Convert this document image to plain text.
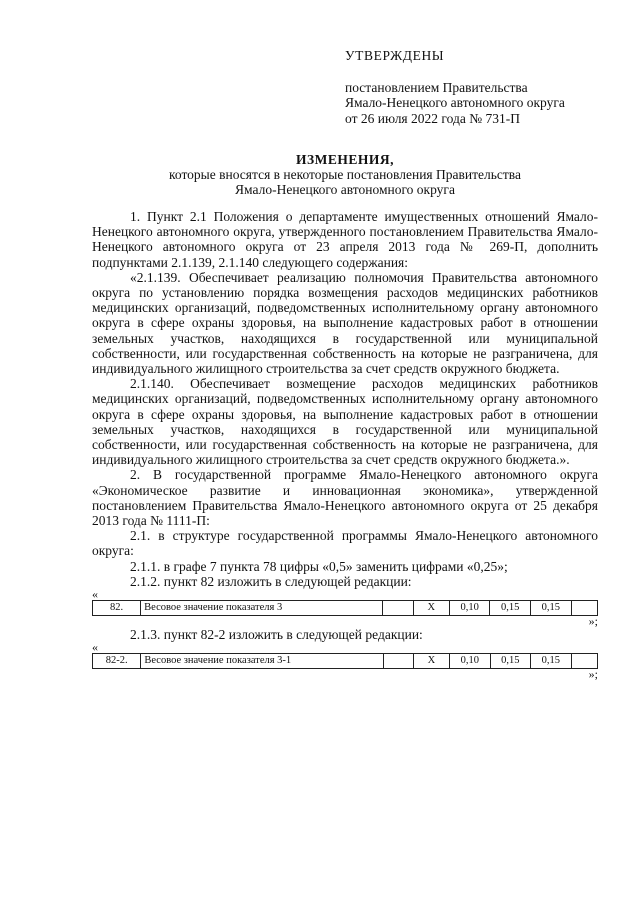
УТВЕРЖДЕНЫ
постановлением Правительства
Ямало-Ненецкого автономного округа
от 26 июля 2022 года № 731-П
ИЗМЕНЕНИЯ,
которые вносятся в некоторые постановления Правительства
Ямало-Ненецкого автономного округа

1. Пункт 2.1 Положения о департаменте имущественных отношений Ямало-Ненецкого автономного округа, утвержденного постановлением Правительства Ямало-Ненецкого автономного округа от 23 апреля 2013 года № 269-П, дополнить подпунктами 2.1.139, 2.1.140 следующего содержания:

«2.1.139. Обеспечивает реализацию полномочия Правительства автономного округа по установлению порядка возмещения расходов медицинских работников медицинских организаций, подведомственных исполнительному органу автономного округа в сфере охраны здоровья, на выполнение кадастровых работ в отношении земельных участков, находящихся в государственной или муниципальной собственности, или государственная собственность на которые не разграничена, для индивидуального жилищного строительства за счет средств окружного бюджета.

2.1.140. Обеспечивает возмещение расходов медицинских работников медицинских организаций, подведомственных исполнительному органу автономного округа в сфере охраны здоровья, на выполнение кадастровых работ в отношении земельных участков, находящихся в государственной или муниципальной собственности, или государственная собственность на которые не разграничена, для индивидуального жилищного строительства за счет средств окружного бюджета.».

2. В государственной программе Ямало-Ненецкого автономного округа «Экономическое развитие и инновационная экономика», утвержденной постановлением Правительства Ямало-Ненецкого автономного округа от 25 декабря 2013 года № 1111-П:

2.1. в структуре государственной программы Ямало-Ненецкого автономного округа:

2.1.1. в графе 7 пункта 78 цифры «0,5» заменить цифрами «0,25»;

2.1.2. пункт 82 изложить в следующей редакции:

«
82.	Весовое значение показателя 3		Х	0,10	0,15	0,15	
»;

2.1.3. пункт 82-2 изложить в следующей редакции:

«
82-2.	Весовое значение показателя 3-1		Х	0,10	0,15	0,15	
»;
